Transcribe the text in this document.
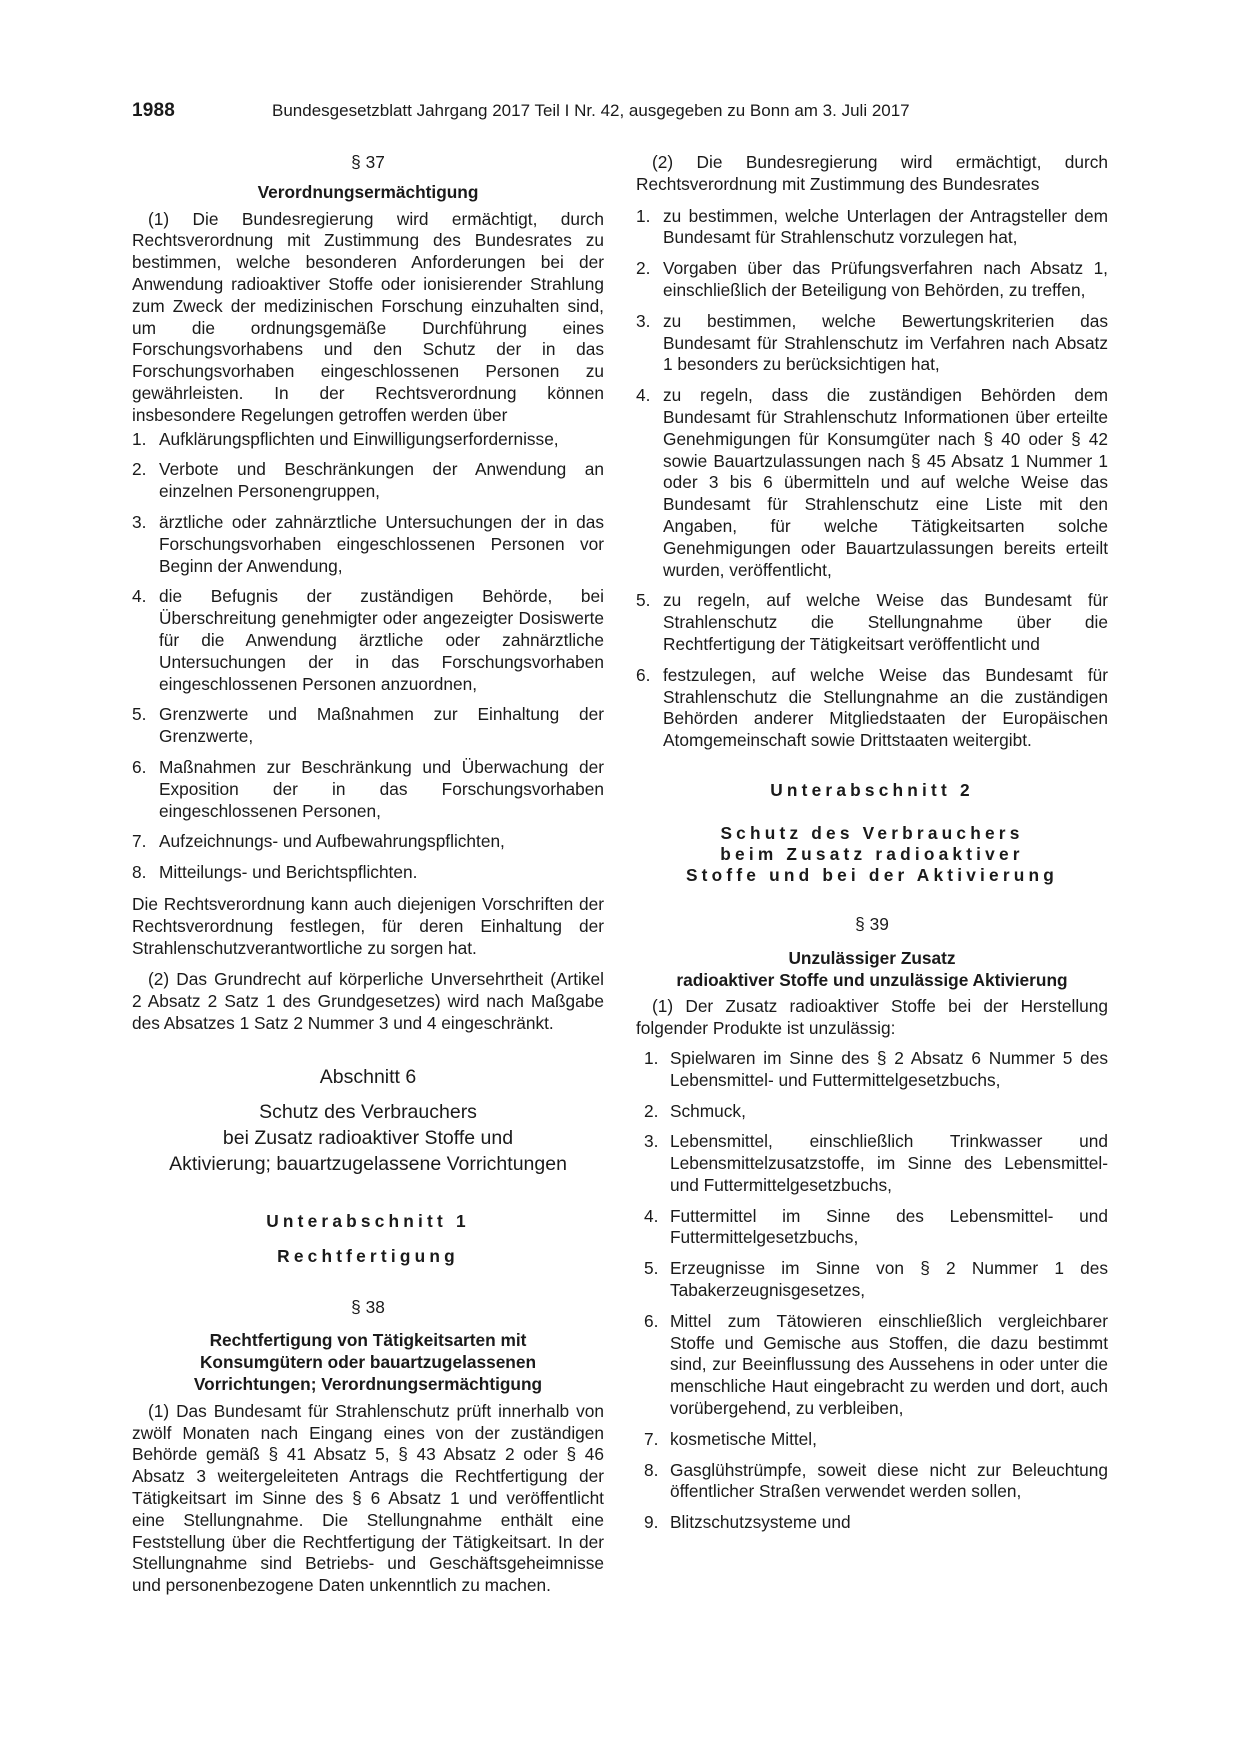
1988	Bundesgesetzblatt Jahrgang 2017 Teil I Nr. 42, ausgegeben zu Bonn am 3. Juli 2017
§ 37
Verordnungsermächtigung

(1) Die Bundesregierung wird ermächtigt, durch Rechtsverordnung mit Zustimmung des Bundesrates zu bestimmen, welche besonderen Anforderungen bei der Anwendung radioaktiver Stoffe oder ionisierender Strahlung zum Zweck der medizinischen Forschung einzuhalten sind, um die ordnungsgemäße Durchführung eines Forschungsvorhabens und den Schutz der in das Forschungsvorhaben eingeschlossenen Personen zu gewährleisten. In der Rechtsverordnung können insbesondere Regelungen getroffen werden über

1. Aufklärungspflichten und Einwilligungserfordernisse,
2. Verbote und Beschränkungen der Anwendung an einzelnen Personengruppen,
3. ärztliche oder zahnärztliche Untersuchungen der in das Forschungsvorhaben eingeschlossenen Personen vor Beginn der Anwendung,
4. die Befugnis der zuständigen Behörde, bei Überschreitung genehmigter oder angezeigter Dosiswerte für die Anwendung ärztliche oder zahnärztliche Untersuchungen der in das Forschungsvorhaben eingeschlossenen Personen anzuordnen,
5. Grenzwerte und Maßnahmen zur Einhaltung der Grenzwerte,
6. Maßnahmen zur Beschränkung und Überwachung der Exposition der in das Forschungsvorhaben eingeschlossenen Personen,
7. Aufzeichnungs- und Aufbewahrungspflichten,
8. Mitteilungs- und Berichtspflichten.

Die Rechtsverordnung kann auch diejenigen Vorschriften der Rechtsverordnung festlegen, für deren Einhaltung der Strahlenschutzverantwortliche zu sorgen hat.

(2) Das Grundrecht auf körperliche Unversehrtheit (Artikel 2 Absatz 2 Satz 1 des Grundgesetzes) wird nach Maßgabe des Absatzes 1 Satz 2 Nummer 3 und 4 eingeschränkt.

Abschnitt 6
Schutz des Verbrauchers
bei Zusatz radioaktiver Stoffe und
Aktivierung; bauartzugelassene Vorrichtungen
Unterabschnitt 1
Rechtfertigung
§ 38
Rechtfertigung von Tätigkeitsarten mit
Konsumgütern oder bauartzugelassenen
Vorrichtungen; Verordnungsermächtigung

(1) Das Bundesamt für Strahlenschutz prüft innerhalb von zwölf Monaten nach Eingang eines von der zuständigen Behörde gemäß § 41 Absatz 5, § 43 Absatz 2 oder § 46 Absatz 3 weitergeleiteten Antrags die Rechtfertigung der Tätigkeitsart im Sinne des § 6 Absatz 1 und veröffentlicht eine Stellungnahme. Die Stellungnahme enthält eine Feststellung über die Rechtfertigung der Tätigkeitsart. In der Stellungnahme sind Betriebs- und Geschäftsgeheimnisse und personenbezogene Daten unkenntlich zu machen.

(2) Die Bundesregierung wird ermächtigt, durch Rechtsverordnung mit Zustimmung des Bundesrates

1. zu bestimmen, welche Unterlagen der Antragsteller dem Bundesamt für Strahlenschutz vorzulegen hat,
2. Vorgaben über das Prüfungsverfahren nach Absatz 1, einschließlich der Beteiligung von Behörden, zu treffen,
3. zu bestimmen, welche Bewertungskriterien das Bundesamt für Strahlenschutz im Verfahren nach Absatz 1 besonders zu berücksichtigen hat,
4. zu regeln, dass die zuständigen Behörden dem Bundesamt für Strahlenschutz Informationen über erteilte Genehmigungen für Konsumgüter nach § 40 oder § 42 sowie Bauartzulassungen nach § 45 Absatz 1 Nummer 1 oder 3 bis 6 übermitteln und auf welche Weise das Bundesamt für Strahlenschutz eine Liste mit den Angaben, für welche Tätigkeitsarten solche Genehmigungen oder Bauartzulassungen bereits erteilt wurden, veröffentlicht,
5. zu regeln, auf welche Weise das Bundesamt für Strahlenschutz die Stellungnahme über die Rechtfertigung der Tätigkeitsart veröffentlicht und
6. festzulegen, auf welche Weise das Bundesamt für Strahlenschutz die Stellungnahme an die zuständigen Behörden anderer Mitgliedstaaten der Europäischen Atomgemeinschaft sowie Drittstaaten weitergibt.
Unterabschnitt 2
Schutz des Verbrauchers
beim Zusatz radioaktiver
Stoffe und bei der Aktivierung
§ 39
Unzulässiger Zusatz
radioaktiver Stoffe und unzulässige Aktivierung

(1) Der Zusatz radioaktiver Stoffe bei der Herstellung folgender Produkte ist unzulässig:

1. Spielwaren im Sinne des § 2 Absatz 6 Nummer 5 des Lebensmittel- und Futtermittelgesetzbuchs,
2. Schmuck,
3. Lebensmittel, einschließlich Trinkwasser und Lebensmittelzusatzstoffe, im Sinne des Lebensmittel- und Futtermittelgesetzbuchs,
4. Futtermittel im Sinne des Lebensmittel- und Futtermittelgesetzbuchs,
5. Erzeugnisse im Sinne von § 2 Nummer 1 des Tabakerzeugnisgesetzes,
6. Mittel zum Tätowieren einschließlich vergleichbarer Stoffe und Gemische aus Stoffen, die dazu bestimmt sind, zur Beeinflussung des Aussehens in oder unter die menschliche Haut eingebracht zu werden und dort, auch vorübergehend, zu verbleiben,
7. kosmetische Mittel,
8. Gasglühstrümpfe, soweit diese nicht zur Beleuchtung öffentlicher Straßen verwendet werden sollen,
9. Blitzschutzsysteme und
